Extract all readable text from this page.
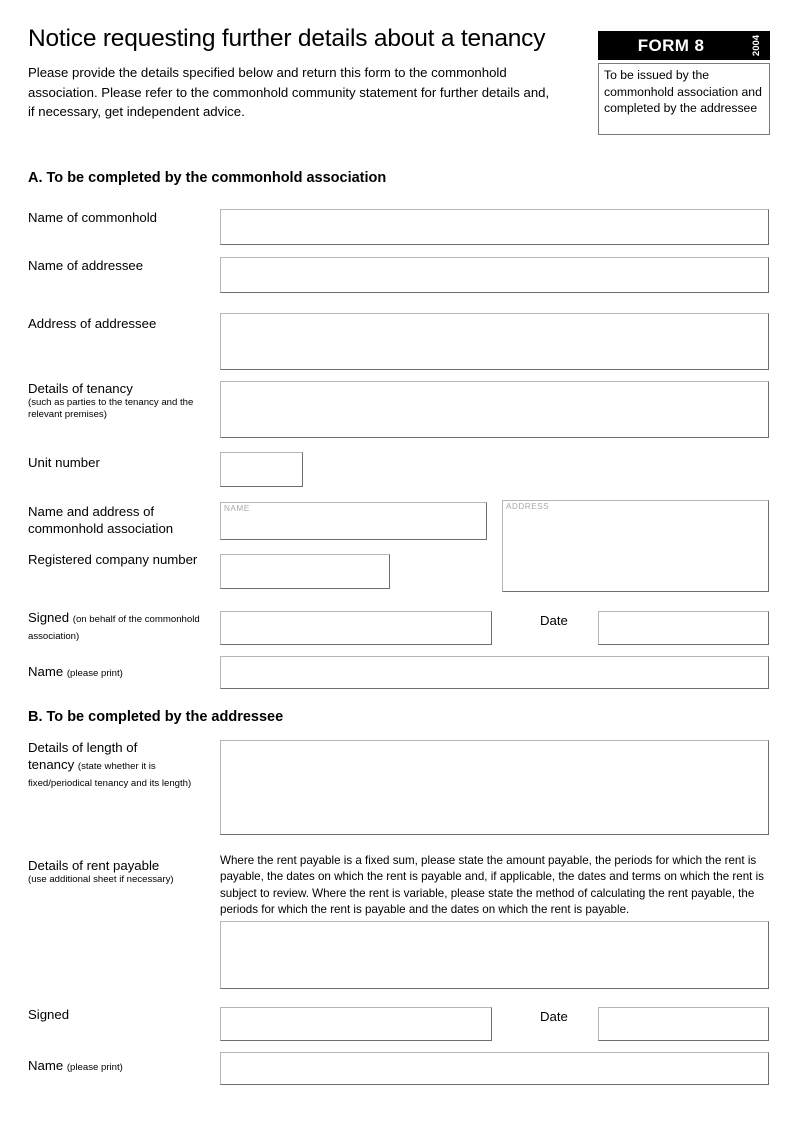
Notice requesting further details about a tenancy
Please provide the details specified below and return this form to the commonhold association. Please refer to the commonhold community statement for further details and, if necessary, get independent advice.
FORM 8	2004
To be issued by the commonhold association and completed by the addressee
A. To be completed by the commonhold association
Name of commonhold
Name of addressee
Address of addressee
Details of tenancy
(such as parties to the tenancy and the relevant premises)
Unit number
Name and address of commonhold association
NAME	ADDRESS
Registered company number
Signed (on behalf of the commonhold association)
Date
Name (please print)
B. To be completed by the addressee
Details of length of
tenancy (state whether it is fixed/periodical tenancy and its length)
Details of rent payable
(use additional sheet if necessary)
Where the rent payable is a fixed sum, please state the amount payable, the periods for which the rent is payable, the dates on which the rent is payable and, if applicable, the dates and terms on which the rent is subject to review. Where the rent is variable, please state the method of calculating the rent payable, the periods for which the rent is payable and the dates on which the rent is payable.
Signed	Date
Name (please print)
